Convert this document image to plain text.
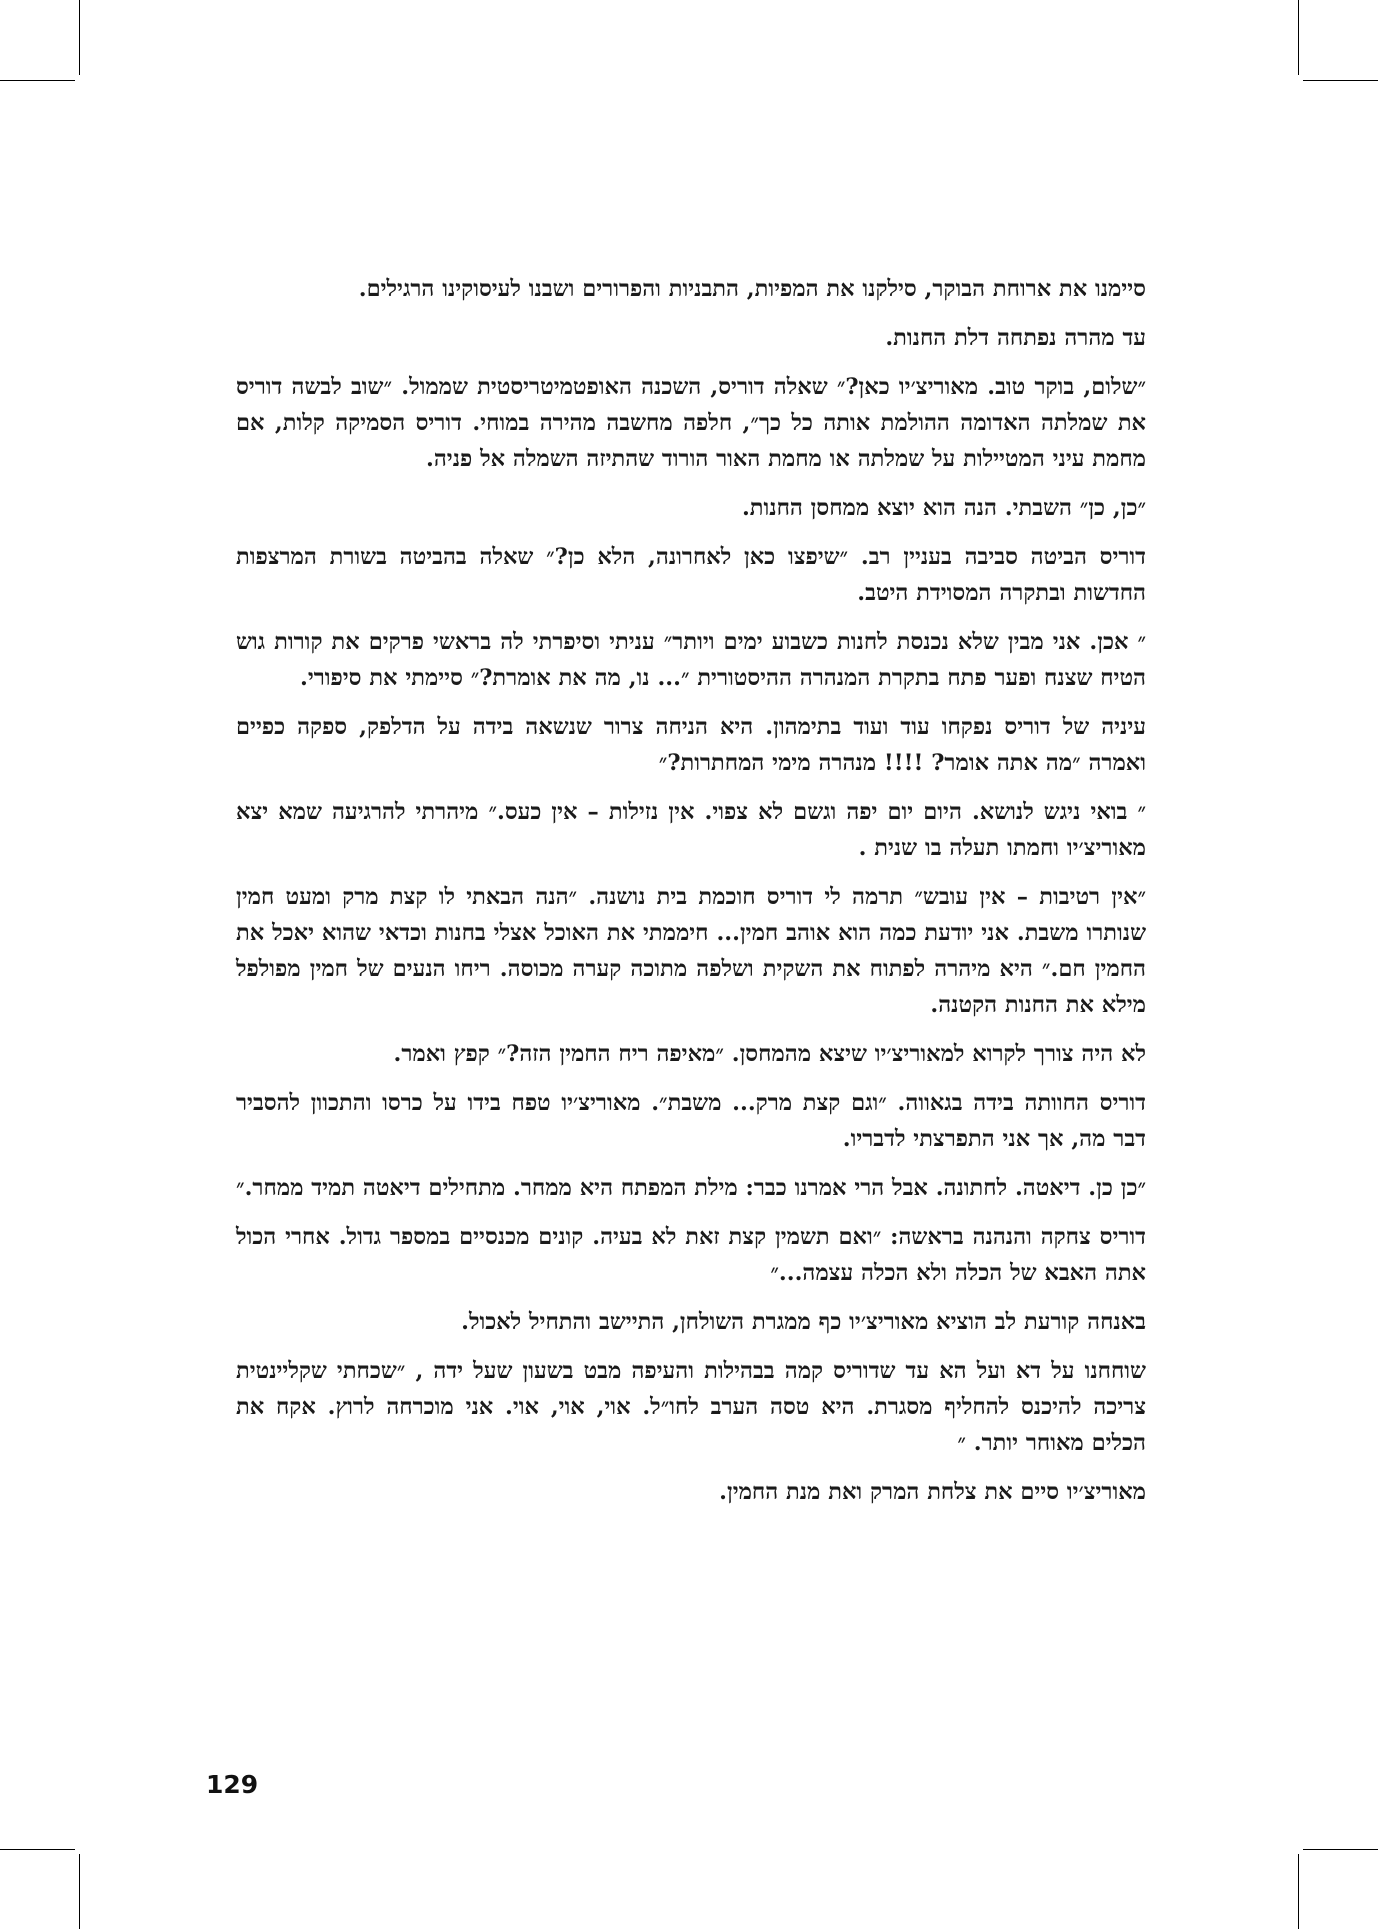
סיימנו את ארוחת הבוקר, סילקנו את המפיות, התבניות והפרורים ושבנו לעיסוקינו הרגילים.

עד מהרה נפתחה דלת החנות.

״שלום, בוקר טוב. מאוריצ׳יו כאן?״ שאלה דוריס, השכנה האופטמיטריסטית שממול. ״שוב לבשה דוריס את שמלתה האדומה ההולמת אותה כל כך״, חלפה מחשבה מהירה במוחי. דוריס הסמיקה קלות, אם מחמת עיני המטיילות על שמלתה או מחמת האור הורוד שהתיזה השמלה אל פניה.

״כן, כן״ השבתי. הנה הוא יוצא ממחסן החנות.

דוריס הביטה סביבה בעניין רב. ״שיפצו כאן לאחרונה, הלא כן?״ שאלה בהביטה בשורת המרצפות החדשות ובתקרה המסוידת היטב.

״ אכן. אני מבין שלא נכנסת לחנות כשבוע ימים ויותר״ עניתי וסיפרתי לה בראשי פרקים את קורות גוש הטיח שצנח ופער פתח בתקרת המנהרה ההיסטורית ״... נו, מה את אומרת?״ סיימתי את סיפורי.

עיניה של דוריס נפקחו עוד ועוד בתימהון. היא הניחה צרור שנשאה בידה על הדלפק, ספקה כפיים ואמרה ״מה אתה אומר? !!!! מנהרה מימי המחתרות?״

״ בואי ניגש לנושא. היום יום יפה וגשם לא צפוי. אין נזילות – אין כעס.״ מיהרתי להרגיעה שמא יצא מאוריצ׳יו וחמתו תעלה בו שנית .

״אין רטיבות – אין עובש״ תרמה לי דוריס חוכמת בית נושנה. ״הנה הבאתי לו קצת מרק ומעט חמין שנותרו משבת. אני יודעת כמה הוא אוהב חמין... חיממתי את האוכל אצלי בחנות וכדאי שהוא יאכל את החמין חם.״ היא מיהרה לפתוח את השקית ושלפה מתוכה קערה מכוסה. ריחו הנעים של חמין מפולפל מילא את החנות הקטנה.

לא היה צורך לקרוא למאוריצ׳יו שיצא מהמחסן. ״מאיפה ריח החמין הזה?״ קפץ ואמר.

דוריס החוותה בידה בגאווה. ״וגם קצת מרק... משבת״. מאוריצ׳יו טפח בידו על כרסו והתכוון להסביר דבר מה, אך אני התפרצתי לדבריו.

״כן כן. דיאטה. לחתונה. אבל הרי אמרנו כבר: מילת המפתח היא ממחר. מתחילים דיאטה תמיד ממחר.״

דוריס צחקה והנהנה בראשה: ״ואם תשמין קצת זאת לא בעיה. קונים מכנסיים במספר גדול. אחרי הכול אתה האבא של הכלה ולא הכלה עצמה...״

באנחה קורעת לב הוציא מאוריצ׳יו כף ממגרת השולחן, התיישב והתחיל לאכול.

שוחחנו על דא ועל הא עד שדוריס קמה בבהילות והעיפה מבט בשעון שעל ידה , ״שכחתי שקליינטית צריכה להיכנס להחליף מסגרת. היא טסה הערב לחו״ל. אוי, אוי, אוי. אני מוכרחה לרוץ. אקח את הכלים מאוחר יותר. ״

מאוריצ׳יו סיים את צלחת המרק ואת מנת החמין.

129
